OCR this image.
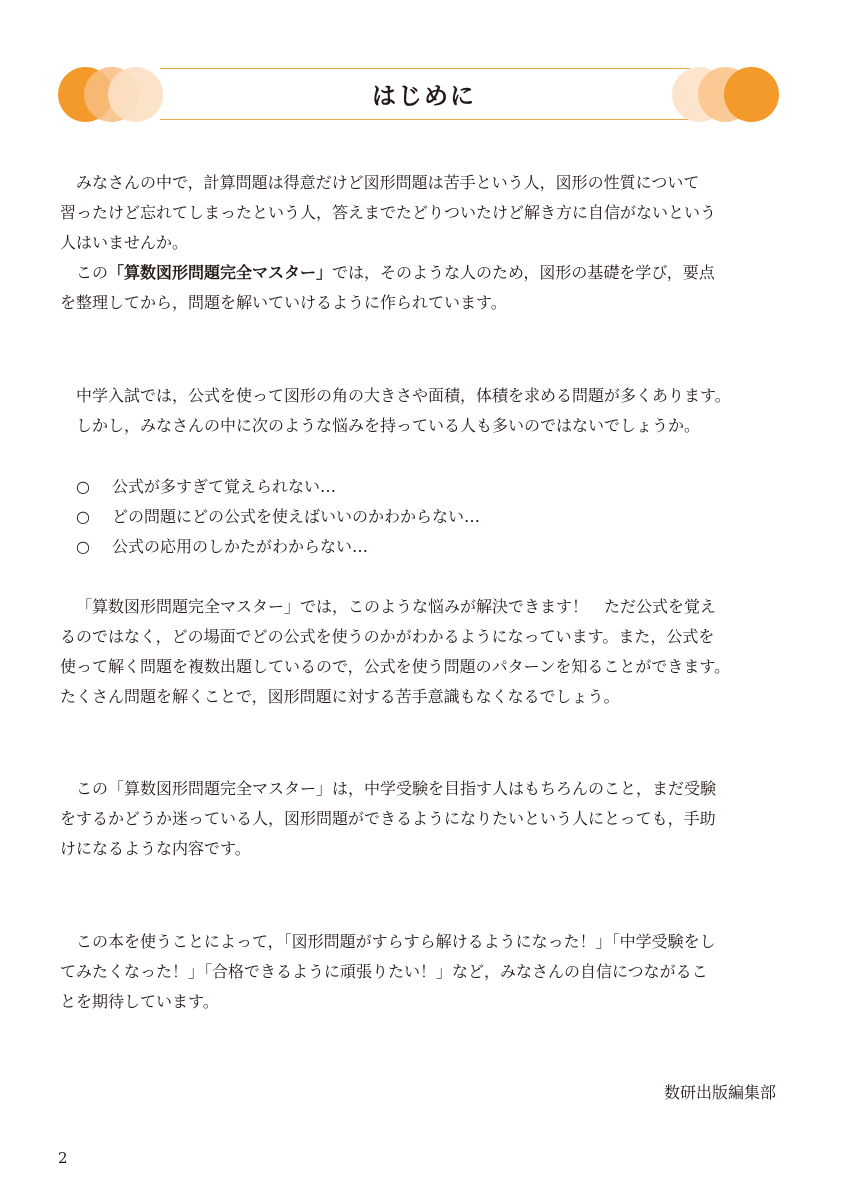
はじめに
みなさんの中で，計算問題は得意だけど図形問題は苦手という人，図形の性質について
習ったけど忘れてしまったという人，答えまでたどりついたけど解き方に自信がないという
人はいませんか。
この「算数図形問題完全マスター」では，そのような人のため，図形の基礎を学び，要点
を整理してから，問題を解いていけるように作られています。
中学入試では，公式を使って図形の角の大きさや面積，体積を求める問題が多くあります。
しかし，みなさんの中に次のような悩みを持っている人も多いのではないでしょうか。
○	公式が多すぎて覚えられない…
○	どの問題にどの公式を使えばいいのかわからない…
○	公式の応用のしかたがわからない…
「算数図形問題完全マスター」では，このような悩みが解決できます！　ただ公式を覚え
るのではなく，どの場面でどの公式を使うのかがわかるようになっています。また，公式を
使って解く問題を複数出題しているので，公式を使う問題のパターンを知ることができます。
たくさん問題を解くことで，図形問題に対する苦手意識もなくなるでしょう。
この「算数図形問題完全マスター」は，中学受験を目指す人はもちろんのこと，まだ受験
をするかどうか迷っている人，図形問題ができるようになりたいという人にとっても，手助
けになるような内容です。
この本を使うことによって，「図形問題がすらすら解けるようになった！」「中学受験をし
てみたくなった！」「合格できるように頑張りたい！」など，みなさんの自信につながるこ
とを期待しています。
数研出版編集部
2
